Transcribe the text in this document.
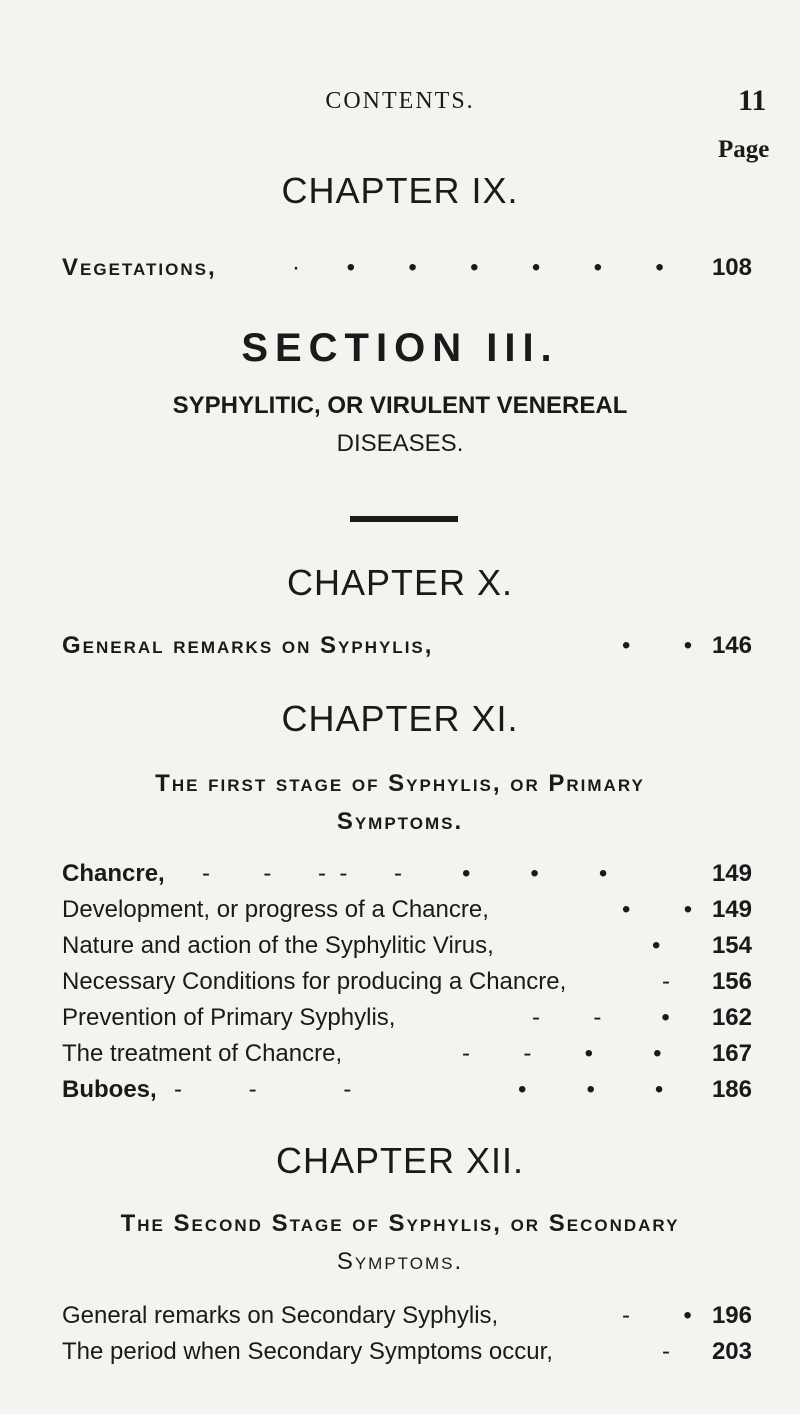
CONTENTS.	11
Page
CHAPTER IX.
Vegetations,	·       •        •        •        •        •        •	108
SECTION III.
SYPHYLITIC, OR VIRULENT VENEREAL
DISEASES.
CHAPTER X.
General remarks on Syphylis,	•        • 146
CHAPTER XI.
The first stage of Syphylis, or Primary
Symptoms.
Chancre, -        -       -  -       -         •         •         •	149
Development, or progress of a Chancre,	•        • 149
Nature and action of the Syphylitic Virus,	•	154
Necessary Conditions for producing a Chancre,	-	156
Prevention of Primary Syphylis,	-        -         •	162
The treatment of Chancre,	-        -        •         •	167
Buboes, -          -             -                         •         •         •	186
CHAPTER XII.
The Second Stage of Syphylis, or Secondary
Symptoms.
General remarks on Secondary Syphylis,	-        • 196
The period when Secondary Symptoms occur,	-	203
